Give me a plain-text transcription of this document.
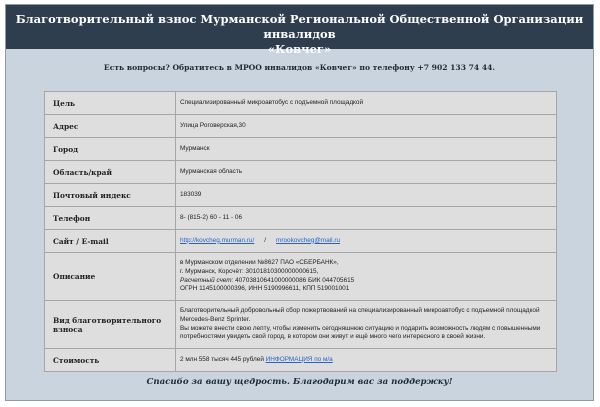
Благотворительный взнос Мурманской Региональной Общественной Организации инвалидов
«Ковчег»
Есть вопросы? Обратитесь в МРОО инвалидов «Ковчег» по телефону +7 902 133 74 44.
Цель	Специализированный микроавтобус с подъемной площадкой
Адрес	Улица Роговерская,30
Город	Мурманск
Область/край	Мурманская область
Почтовый индекс	183039
Телефон	8- (815-2) 60 - 11 - 06
Сайт / E-mail	http://kovcheg.murman.ru/ / mrookovcheg@mail.ru
Описание	в Мурманском отделении №8627 ПАО «СБЕРБАНК»,
г. Мурманск, Корсчёт: 30101810300000000615,
Расчетный счет: 40703810641000000086 БИК 044705615
ОГРН 1145100000396, ИНН 5190996611, КПП 519001001

Вид благотворительного взноса	Благотворительный добровольный сбор пожертвований на специализированный микроавтобус с подъемной площадкой
Mercedes-Benz Sprinter.
Вы можете внести свою лепту, чтобы изменить сегодняшнюю ситуацию и подарить возможность людям с повышенными
потребностями увидеть свой город, в котором они живут и ещё много чего интересного в своей жизни.

Стоимость	2 млн 558 тысяч 445 рублей ИНФОРМАЦИЯ по м/а
Спасибо за вашу щедрость. Благодарим вас за поддержку!
